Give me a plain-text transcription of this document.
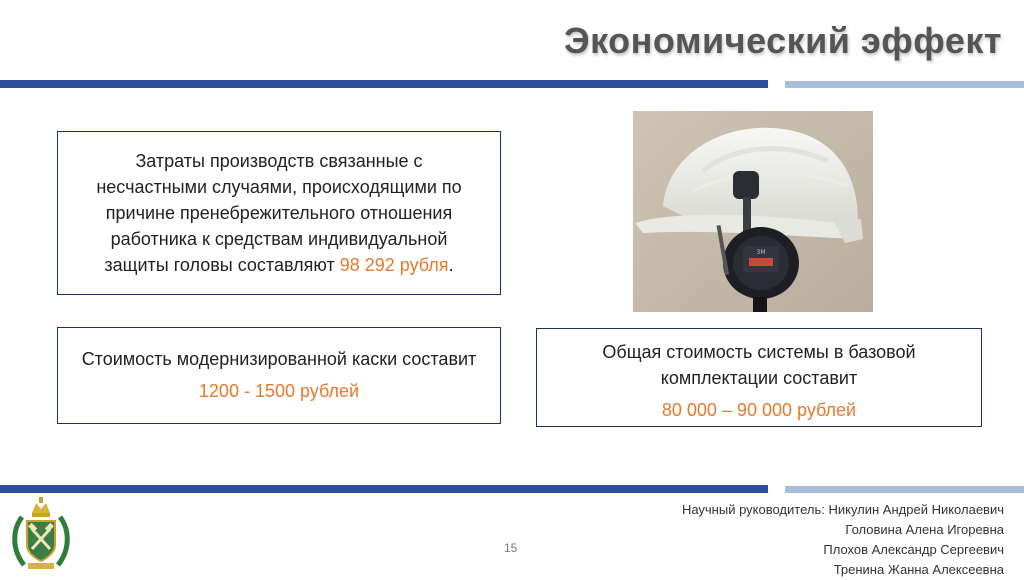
Экономический эффект
Затраты производств связанные с несчастными случаями, происходящими по причине пренебрежительного отношения работника к средствам индивидуальной защиты головы составляют 98 292 рубля.
Стоимость модернизированной каски составит
1200 - 1500 рублей
Общая стоимость системы в базовой комплектации составит
80 000 – 90 000 рублей
3M
15
Научный руководитель: Никулин Андрей Николаевич
Головина Алена Игоревна
Плохов Александр Сергеевич
Тренина Жанна Алексеевна
